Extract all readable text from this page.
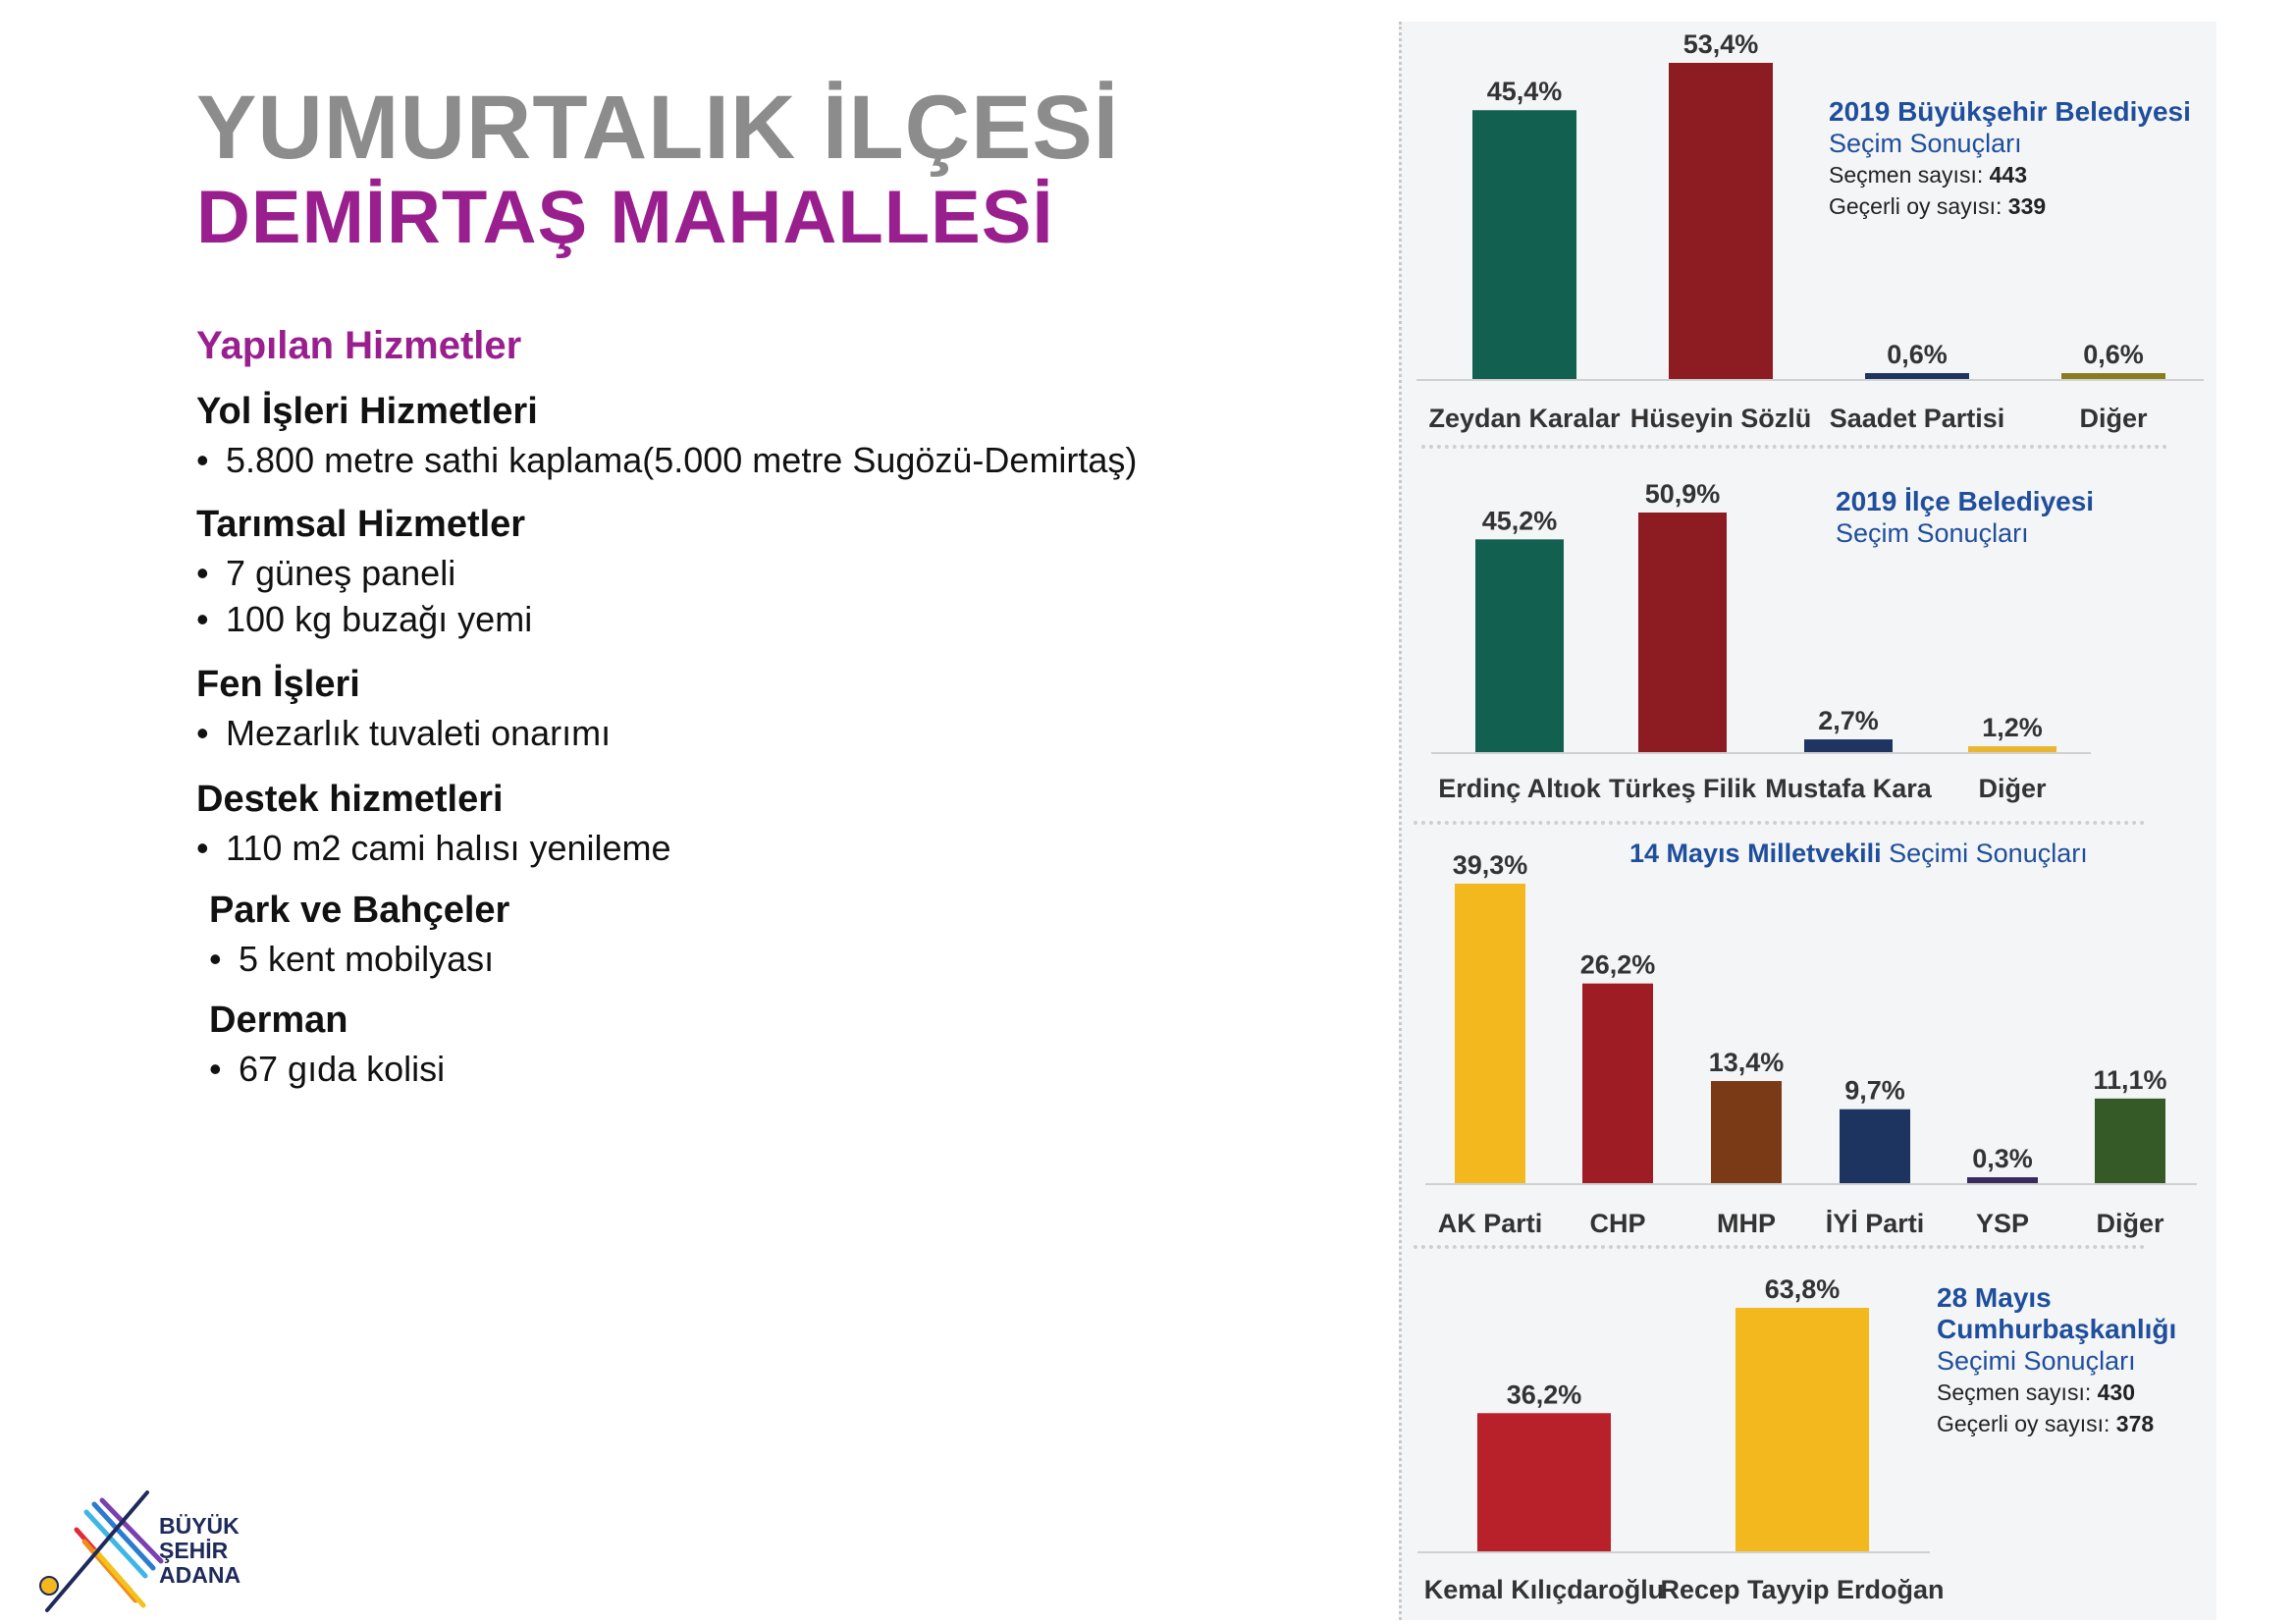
YUMURTALIK İLÇESİ
DEMİRTAŞ MAHALLESİ
Yapılan Hizmetler
Yol İşleri Hizmetleri
• 5.800 metre sathi kaplama(5.000 metre Sugözü-Demirtaş)
Tarımsal Hizmetler
• 7 güneş paneli
• 100 kg buzağı yemi
Fen İşleri
• Mezarlık tuvaleti onarımı
Destek hizmetleri
• 110 m2 cami halısı yenileme
Park ve Bahçeler
• 5 kent mobilyası
Derman
• 67 gıda kolisi
BÜYÜK
ŞEHİR
ADANA
45,4%
Zeydan Karalar
53,4%
Hüseyin Sözlü
0,6%
Saadet Partisi
0,6%
Diğer
45,2%
Erdinç Altıok
50,9%
Türkeş Filik
2,7%
Mustafa Kara
1,2%
Diğer
39,3%
AK Parti
26,2%
CHP
13,4%
MHP
9,7%
İYİ Parti
0,3%
YSP
11,1%
Diğer
36,2%
Kemal Kılıçdaroğlu
63,8%
Recep Tayyip Erdoğan
2019 Büyükşehir Belediyesi
Seçim Sonuçları
Seçmen sayısı: 443
Geçerli oy sayısı: 339
2019 İlçe Belediyesi
Seçim Sonuçları
14 Mayıs Milletvekili Seçimi Sonuçları
28 Mayıs
Cumhurbaşkanlığı
Seçimi Sonuçları
Seçmen sayısı: 430
Geçerli oy sayısı: 378
